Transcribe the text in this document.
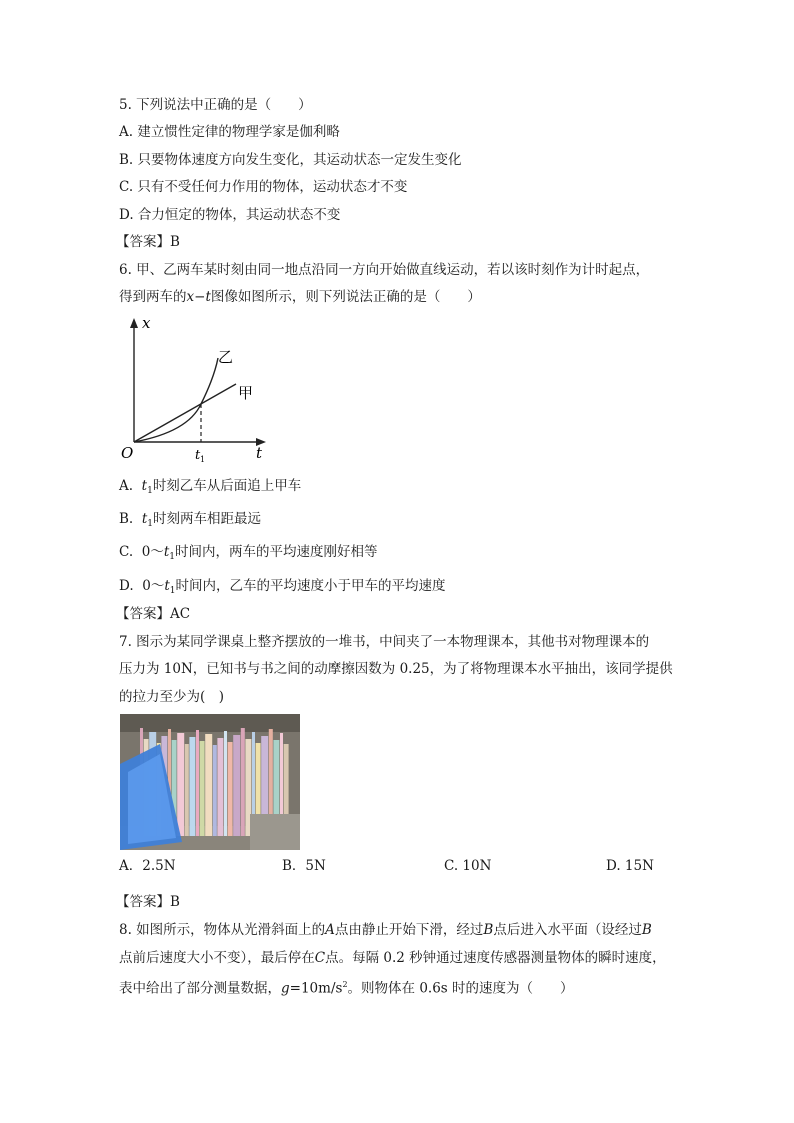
5. 下列说法中正确的是（　　）
A. 建立惯性定律的物理学家是伽利略
B. 只要物体速度方向发生变化，其运动状态一定发生变化
C. 只有不受任何力作用的物体，运动状态才不变
D. 合力恒定的物体，其运动状态不变
【答案】B
6. 甲、乙两车某时刻由同一地点沿同一方向开始做直线运动，若以该时刻作为计时起点，
得到两车的x−t图像如图所示，则下列说法正确的是（　　）
x
t
O	t 1
乙
甲
A. $t_1$时刻乙车从后面追上甲车
B. $t_1$时刻两车相距最远
C. $0\sim t_1$时间内，两车的平均速度刚好相等
D. $0\sim t_1$时间内，乙车的平均速度小于甲车的平均速度
【答案】AC
7. 图示为某同学课桌上整齐摆放的一堆书，中间夹了一本物理课本，其他书对物理课本的
压力为 10N，已知书与书之间的动摩擦因数为 0.25，为了将物理课本水平抽出，该同学提供
的拉力至少为(　)
A．2.5N	B．5N	C. 10N	D. 15N
【答案】B
8. 如图所示，物体从光滑斜面上的A点由静止开始下滑，经过B点后进入水平面（设经过B
点前后速度大小不变），最后停在C点。每隔 0.2 秒钟通过速度传感器测量物体的瞬时速度，
表中给出了部分测量数据，$g=10m/s^2$。则物体在 0.6s 时的速度为（　　）
